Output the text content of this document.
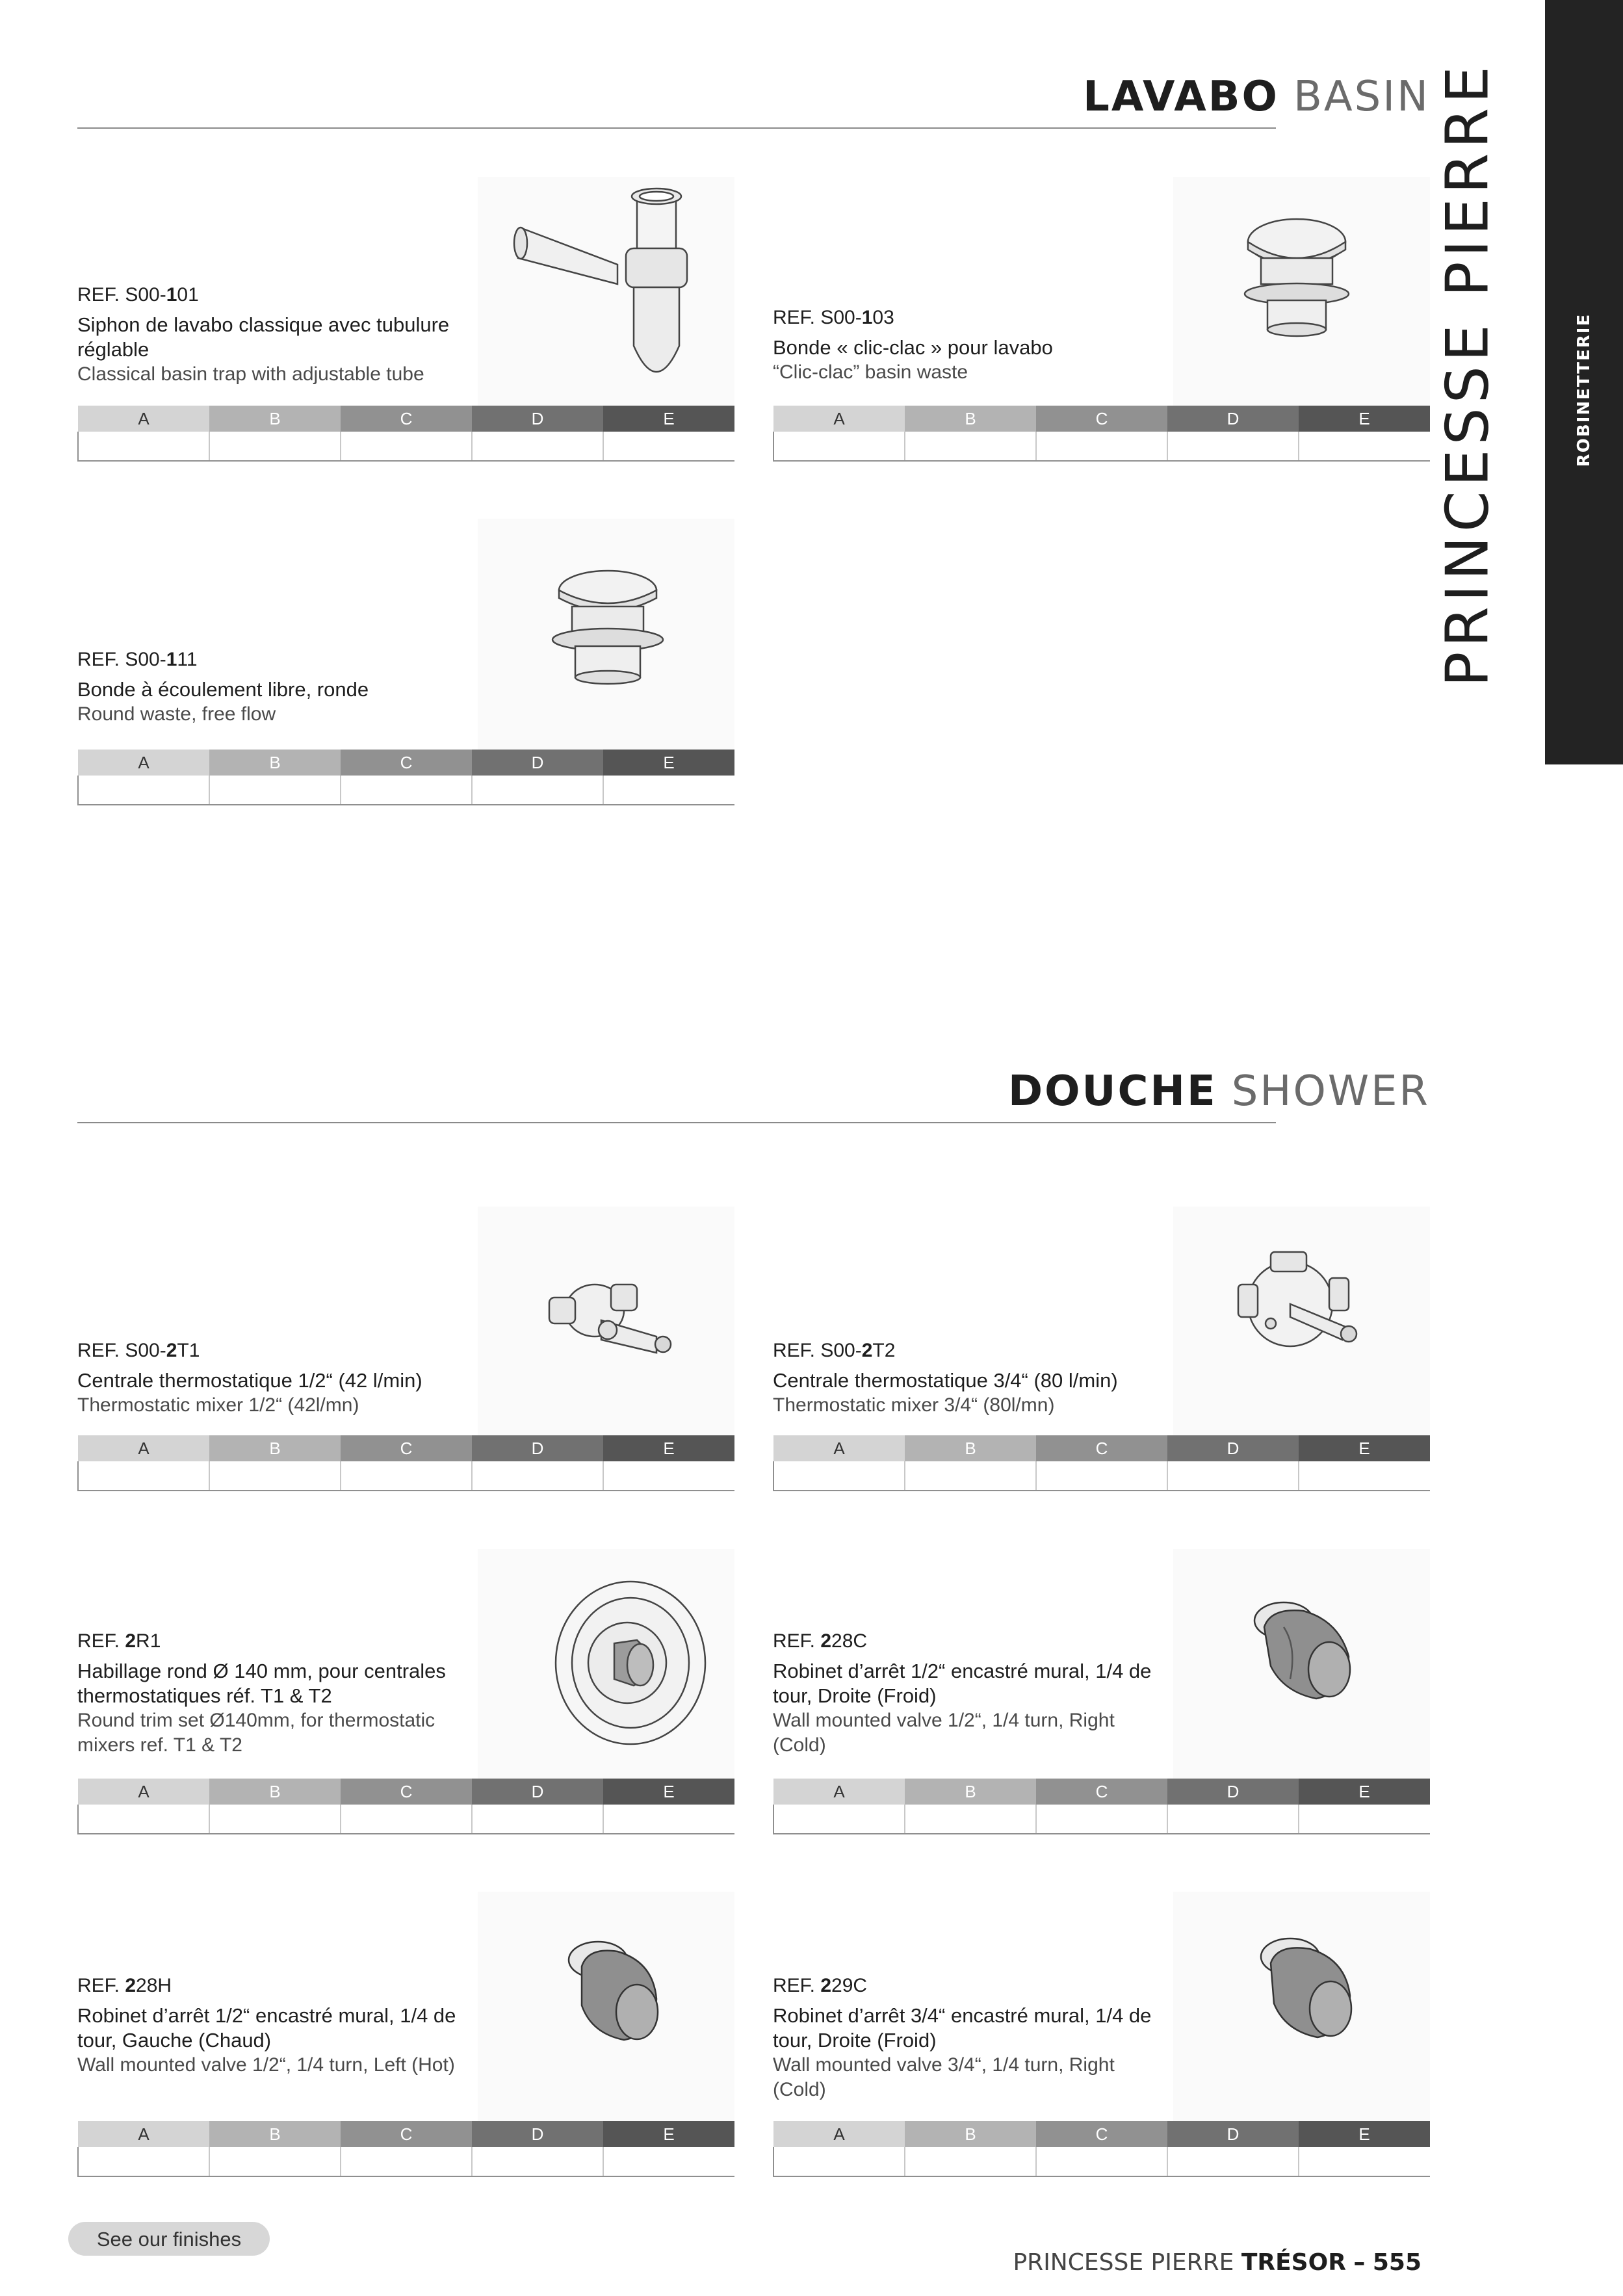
ROBINETTERIE
PRINCESSE PIERRE
LAVABO BASIN
REF. S00-101
Siphon de lavabo classique avec tubulure réglable
Classical basin trap with adjustable tube
A	B	C	D	E

REF. S00-103
Bonde « clic-clac » pour lavabo
“Clic-clac” basin waste
A	B	C	D	E

REF. S00-111
Bonde à écoulement libre, ronde
Round waste, free flow
A	B	C	D	E

DOUCHE SHOWER
REF. S00-2T1
Centrale thermostatique 1/2“ (42 l/min)
Thermostatic mixer 1/2“ (42l/mn)
A	B	C	D	E

REF. S00-2T2
Centrale thermostatique 3/4“ (80 l/min)
Thermostatic mixer 3/4“ (80l/mn)
A	B	C	D	E

REF. 2R1
Habillage rond Ø 140 mm, pour centrales thermostatiques réf. T1 & T2
Round trim set Ø140mm, for thermostatic mixers ref. T1 & T2
A	B	C	D	E

REF. 228C
Robinet d’arrêt 1/2“ encastré mural, 1/4 de tour, Droite (Froid)
Wall mounted valve 1/2“, 1/4 turn, Right (Cold)
A	B	C	D	E

REF. 228H
Robinet d’arrêt 1/2“ encastré mural, 1/4 de tour, Gauche (Chaud)
Wall mounted valve 1/2“, 1/4 turn, Left (Hot)
A	B	C	D	E

REF. 229C
Robinet d’arrêt 3/4“ encastré mural, 1/4 de tour, Droite (Froid)
Wall mounted valve 3/4“, 1/4 turn, Right (Cold)
A	B	C	D	E

See our finishes
PRINCESSE PIERRE TRÉSOR – 555
